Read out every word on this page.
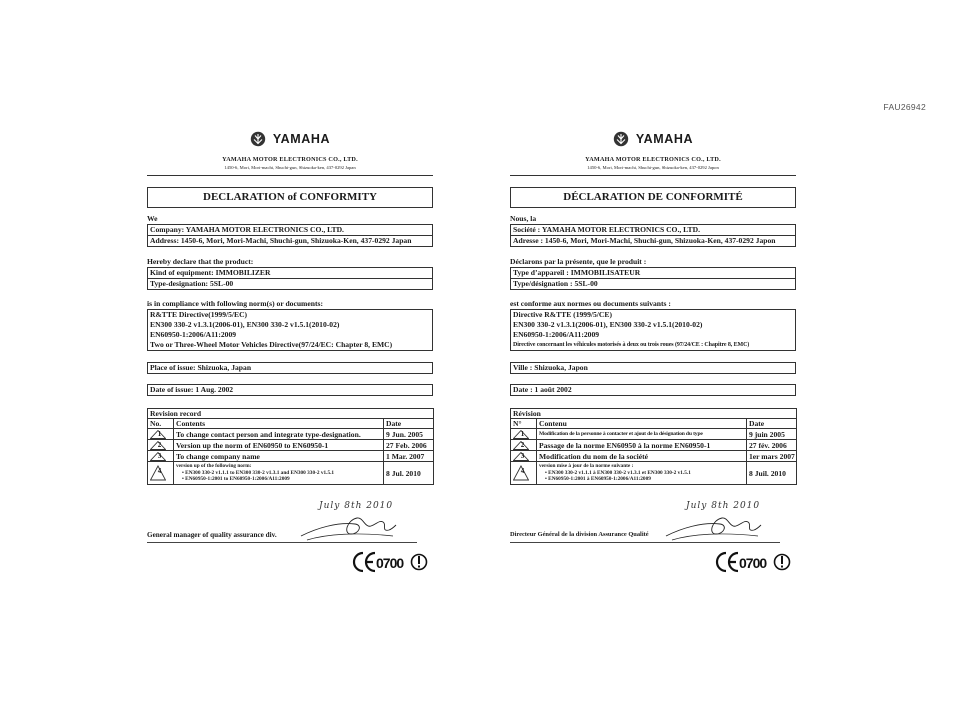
FAU26942
YAMAHA
YAMAHA MOTOR ELECTRONICS CO., LTD.
1450-6, Mori, Mori-machi, Shuchi-gun, Shizuoka-ken, 437-0292 Japan
DECLARATION of CONFORMITY
We
Company: YAMAHA MOTOR ELECTRONICS CO., LTD.
Address: 1450-6, Mori, Mori-Machi, Shuchi-gun, Shizuoka-Ken, 437-0292 Japan
Hereby declare that the product:
Kind of equipment: IMMOBILIZER
Type-designation: 5SL-00
is in compliance with following norm(s) or documents:
R&TTE Directive(1999/5/EC)
EN300 330-2 v1.3.1(2006-01), EN300 330-2 v1.5.1(2010-02)
EN60950-1:2006/A11:2009
Two or Three-Wheel Motor Vehicles Directive(97/24/EC: Chapter 8, EMC)
Place of issue: Shizuoka, Japan
Date of issue: 1 Aug. 2002
Revision record		
No.	Contents	Date
1	To change contact person and integrate type-designation.	9 Jun. 2005
2	Version up the norm of EN60950 to EN60950-1	27 Feb. 2006
3	To change company name	1 Mar. 2007
4	version up of the following norm:
• EN300 330-2 v1.1.1 to EN300 330-2 v1.3.1 and EN300 330-2 v1.5.1
• EN60950-1:2001 to EN60950-1:2006/A11:2009	8 Jul. 2010
July 8th 2010
General manager of quality assurance div.
0700
YAMAHA
YAMAHA MOTOR ELECTRONICS CO., LTD.
1450-6, Mori, Mori-machi, Shuchi-gun, Shizuoka-ken, 437-0292 Japon
DÉCLARATION DE CONFORMITÉ
Nous, la
Société : YAMAHA MOTOR ELECTRONICS CO., LTD.
Adresse : 1450-6, Mori, Mori-Machi, Shuchi-gun, Shizuoka-Ken, 437-0292 Japon
Déclarons par la présente, que le produit :
Type d’appareil : IMMOBILISATEUR
Type/désignation : 5SL-00
est conforme aux normes ou documents suivants :
Directive R&TTE (1999/5/CE)
EN300 330-2 v1.3.1(2006-01), EN300 330-2 v1.5.1(2010-02)
EN60950-1:2006/A11:2009
Directive concernant les véhicules motorisés à deux ou trois roues (97/24/CE : Chapitre 8, EMC)
Ville : Shizuoka, Japon
Date : 1 août 2002
Révision		
N°	Contenu	Date
1	Modification de la personne à contacter et ajout de la désignation du type	9 juin 2005
2	Passage de la norme EN60950 à la norme EN60950-1	27 fév. 2006
3	Modification du nom de la société	1er mars 2007
4	version mise à jour de la norme suivante :
• EN300 330-2 v1.1.1 à EN300 330-2 v1.3.1 et EN300 330-2 v1.5.1
• EN60950-1:2001 à EN60950-1:2006/A11:2009	8 Juil. 2010
July 8th 2010
Directeur Général de la division Assurance Qualité
0700
